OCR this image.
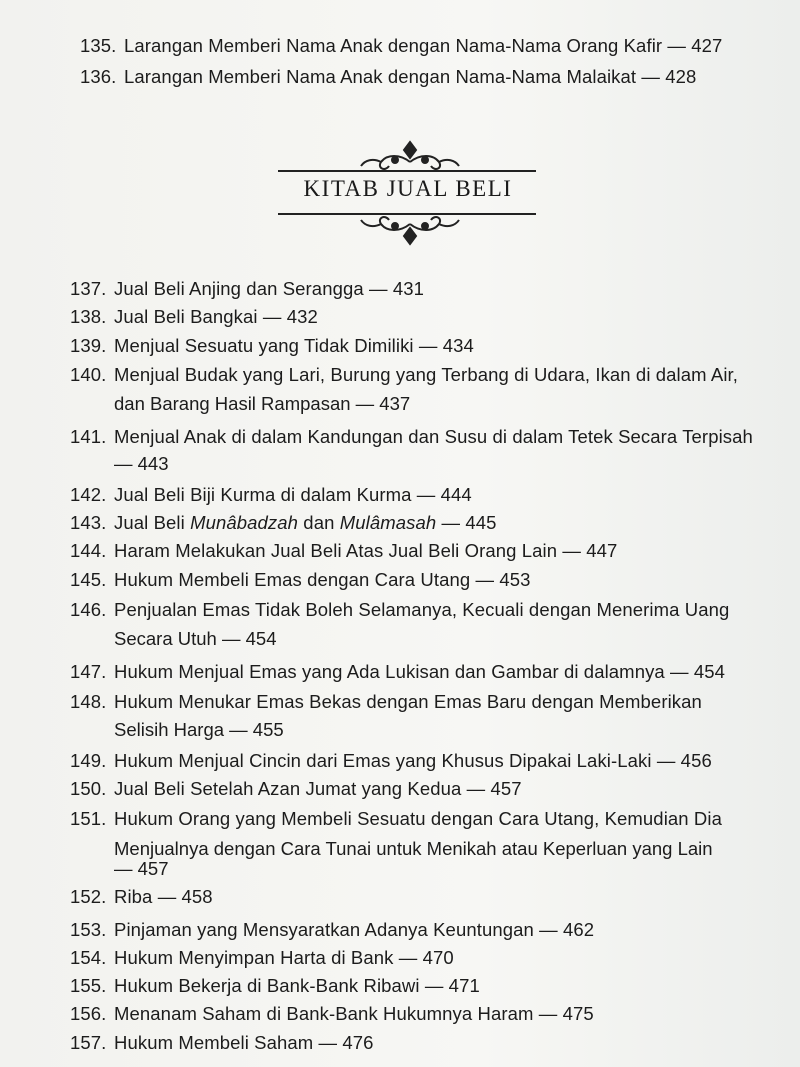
135. Larangan Memberi Nama Anak dengan Nama-Nama Orang Kafir — 427
136. Larangan Memberi Nama Anak dengan Nama-Nama Malaikat — 428
KITAB JUAL BELI
137. Jual Beli Anjing dan Serangga — 431
138. Jual Beli Bangkai — 432
139. Menjual Sesuatu yang Tidak Dimiliki — 434
140. Menjual Budak yang Lari, Burung yang Terbang di Udara, Ikan di dalam Air,
dan Barang Hasil Rampasan — 437
141. Menjual Anak di dalam Kandungan dan Susu di dalam Tetek Secara Terpisah
— 443
142. Jual Beli Biji Kurma di dalam Kurma — 444
143. Jual Beli Munâbadzah dan Mulâmasah — 445
144. Haram Melakukan Jual Beli Atas Jual Beli Orang Lain — 447
145. Hukum Membeli Emas dengan Cara Utang — 453
146. Penjualan Emas Tidak Boleh Selamanya, Kecuali dengan Menerima Uang
Secara Utuh — 454
147. Hukum Menjual Emas yang Ada Lukisan dan Gambar di dalamnya — 454
148. Hukum Menukar Emas Bekas dengan Emas Baru dengan Memberikan
Selisih Harga — 455
149. Hukum Menjual Cincin dari Emas yang Khusus Dipakai Laki-Laki — 456
150. Jual Beli Setelah Azan Jumat yang Kedua — 457
151. Hukum Orang yang Membeli Sesuatu dengan Cara Utang, Kemudian Dia
Menjualnya dengan Cara Tunai untuk Menikah atau Keperluan yang Lain
— 457
152. Riba — 458
153. Pinjaman yang Mensyaratkan Adanya Keuntungan — 462
154. Hukum Menyimpan Harta di Bank — 470
155. Hukum Bekerja di Bank-Bank Ribawi — 471
156. Menanam Saham di Bank-Bank Hukumnya Haram — 475
157. Hukum Membeli Saham — 476
